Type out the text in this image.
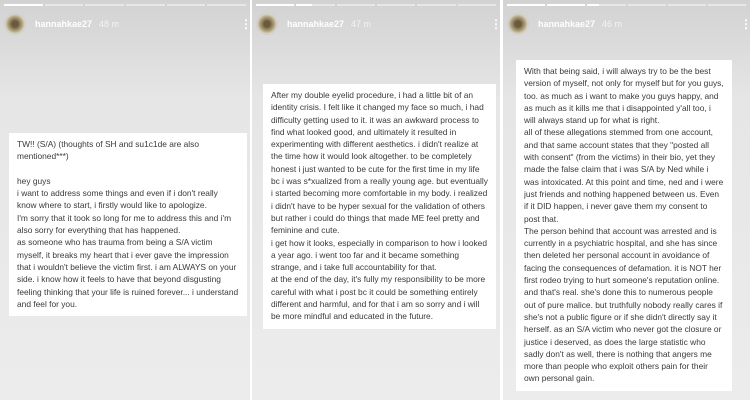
hannahkae27 48 m	⋮
TW!! (S/A) (thoughts of SH and su1c1de are also mentioned***)

hey guys
i want to address some things and even if i don't really know where to start, i firstly would like to apologize.
I'm sorry that it took so long for me to address this and i'm also sorry for everything that has happened.
as someone who has trauma from being a S/A victim myself, it breaks my heart that i ever gave the impression that i wouldn't believe the victim first. i am ALWAYS on your side. i know how it feels to have that beyond disgusting feeling thinking that your life is ruined forever... i understand and feel for you.
hannahkae27 47 m	⋮
After my double eyelid procedure, i had a little bit of an identity crisis. I felt like it changed my face so much, i had difficulty getting used to it. it was an awkward process to find what looked good, and ultimately it resulted in experimenting with different aesthetics. i didn't realize at the time how it would look altogether. to be completely honest i just wanted to be cute for the first time in my life bc i was s*xualized from a really young age. but eventually i started becoming more comfortable in my body. i realized i didn't have to be hyper sexual for the validation of others but rather i could do things that made ME feel pretty and feminine and cute.
i get how it looks, especially in comparison to how i looked a year ago. i went too far and it became something strange, and i take full accountability for that.
at the end of the day, it's fully my responsibility to be more careful with what i post bc it could be something entirely different and harmful, and for that i am so sorry and i will be more mindful and educated in the future.
hannahkae27 46 m	⋮
With that being said, i will always try to be the best version of myself, not only for myself but for you guys, too. as much as i want to make you guys happy, and as much as it kills me that i disappointed y'all too, i will always stand up for what is right.
all of these allegations stemmed from one account, and that same account states that they "posted all with consent" (from the victims) in their bio, yet they made the false claim that i was S/A by Ned while i was intoxicated. At this point and time, ned and i were just friends and nothing happened between us. Even if it DID happen, i never gave them my consent to post that.
The person behind that account was arrested and is currently in a psychiatric hospital, and she has since then deleted her personal account in avoidance of facing the consequences of defamation. it is NOT her first rodeo trying to hurt someone's reputation online. and that's real. she's done this to numerous people out of pure malice. but truthfully nobody really cares if she's not a public figure or if she didn't directly say it herself. as an S/A victim who never got the closure or justice i deserved, as does the large statistic who sadly don't as well, there is nothing that angers me more than people who exploit others pain for their own personal gain.
